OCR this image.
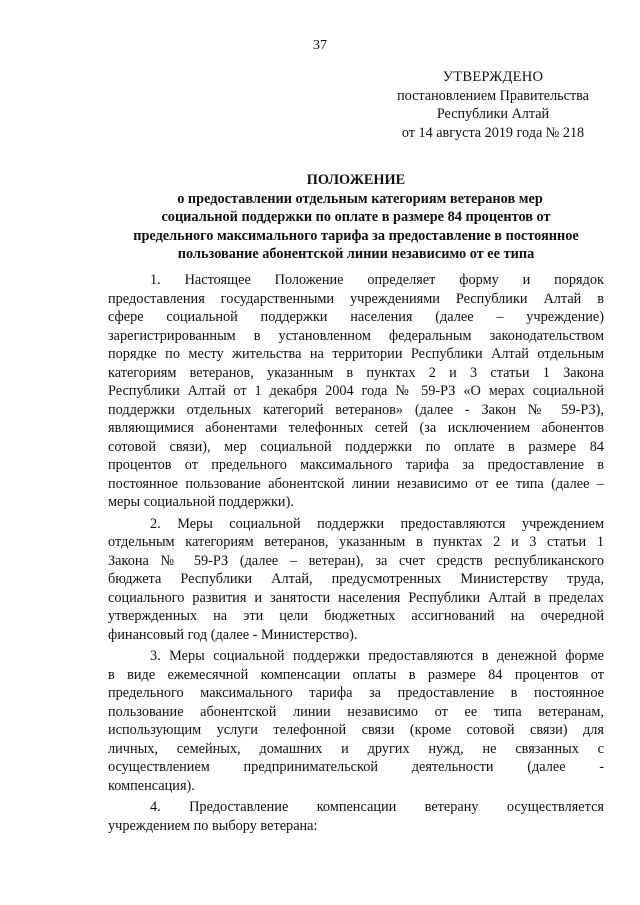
37
УТВЕРЖДЕНО
постановлением Правительства
Республики Алтай
от 14 августа 2019 года № 218
ПОЛОЖЕНИЕ
о предоставлении отдельным категориям ветеранов мер
социальной поддержки по оплате в размере 84 процентов от
предельного максимального тарифа за предоставление в постоянное
пользование абонентской линии независимо от ее типа
1. Настоящее Положение определяет форму и порядок
предоставления государственными учреждениями Республики Алтай в
сфере социальной поддержки населения (далее – учреждение)
зарегистрированным в установленном федеральным законодательством
порядке по месту жительства на территории Республики Алтай отдельным
категориям ветеранов, указанным в пунктах 2 и 3 статьи 1 Закона
Республики Алтай от 1 декабря 2004 года № 59-РЗ «О мерах социальной
поддержки отдельных категорий ветеранов» (далее - Закон № 59-РЗ),
являющимися абонентами телефонных сетей (за исключением абонентов
сотовой связи), мер социальной поддержки по оплате в размере 84
процентов от предельного максимального тарифа за предоставление в
постоянное пользование абонентской линии независимо от ее типа (далее –
меры социальной поддержки).
2. Меры социальной поддержки предоставляются учреждением
отдельным категориям ветеранов, указанным в пунктах 2 и 3 статьи 1
Закона № 59-РЗ (далее – ветеран), за счет средств республиканского
бюджета Республики Алтай, предусмотренных Министерству труда,
социального развития и занятости населения Республики Алтай в пределах
утвержденных на эти цели бюджетных ассигнований на очередной
финансовый год (далее - Министерство).
3. Меры социальной поддержки предоставляются в денежной форме
в виде ежемесячной компенсации оплаты в размере 84 процентов от
предельного максимального тарифа за предоставление в постоянное
пользование абонентской линии независимо от ее типа ветеранам,
использующим услуги телефонной связи (кроме сотовой связи) для
личных, семейных, домашних и других нужд, не связанных с
осуществлением предпринимательской деятельности (далее -
компенсация).
4. Предоставление компенсации ветерану осуществляется
учреждением по выбору ветерана:
